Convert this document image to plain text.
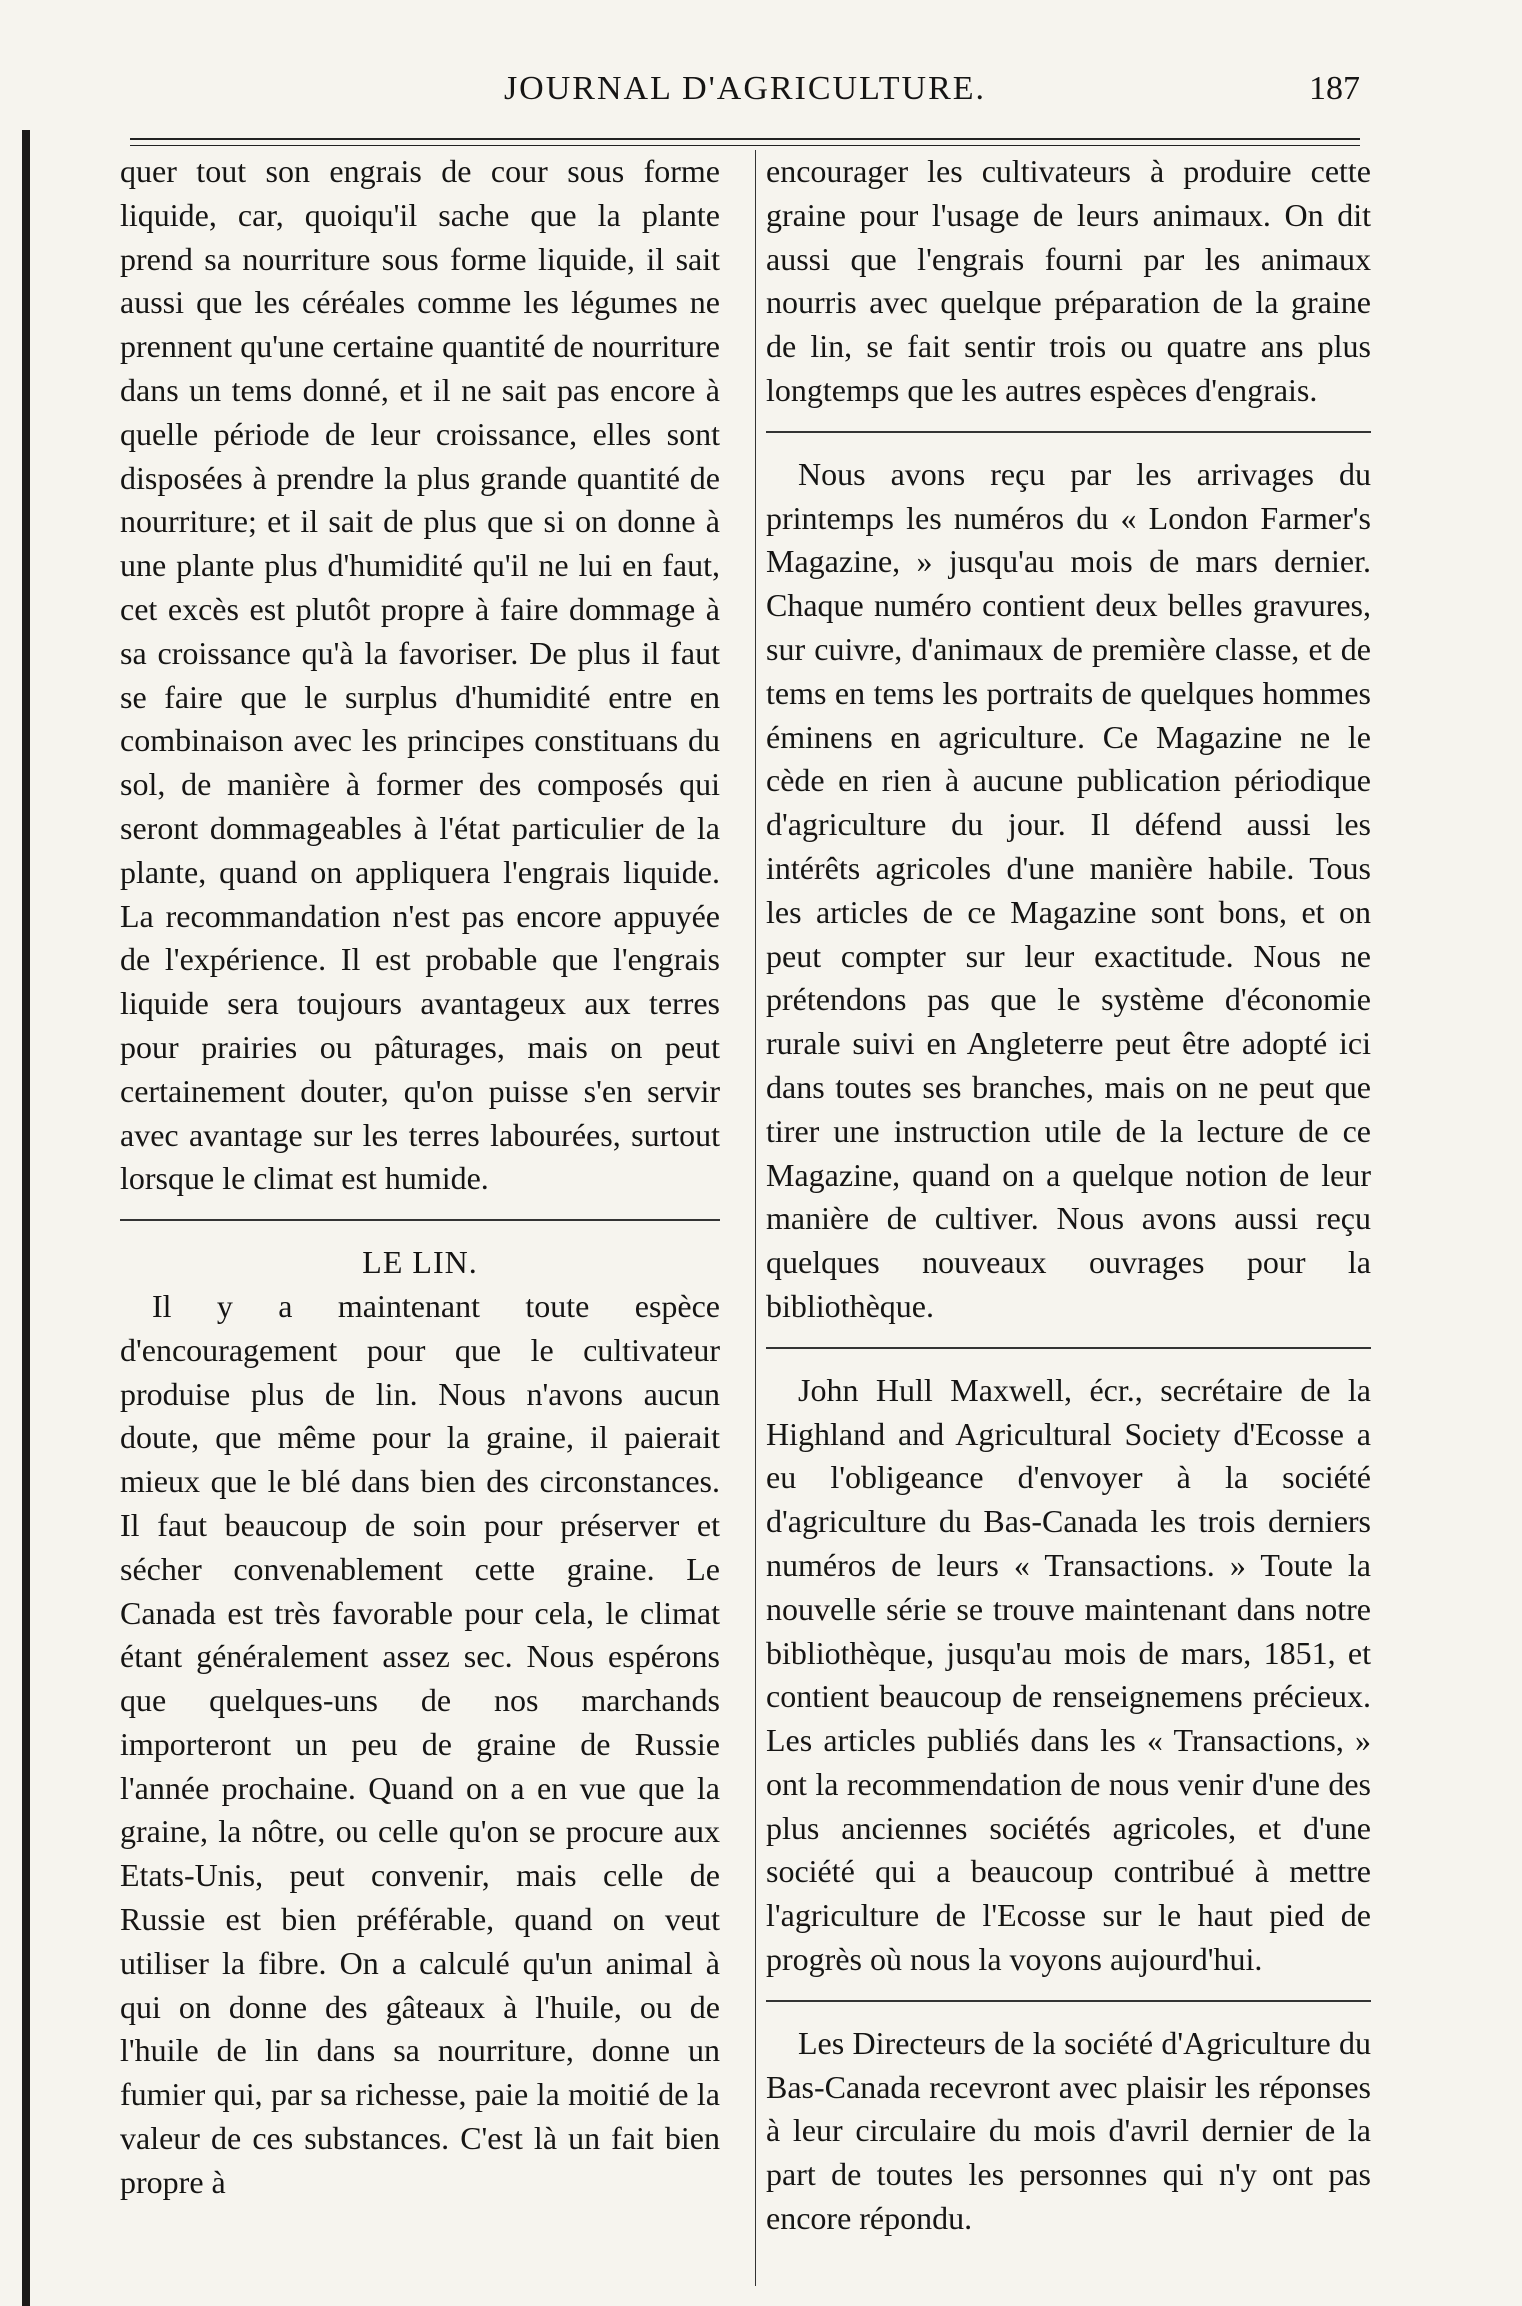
JOURNAL D'AGRICULTURE.	187

quer tout son engrais de cour sous forme liquide, car, quoiqu'il sache que la plante prend sa nourriture sous forme liquide, il sait aussi que les céréales comme les légumes ne prennent qu'une certaine quantité de nourriture dans un tems donné, et il ne sait pas encore à quelle période de leur croissance, elles sont disposées à prendre la plus grande quantité de nourriture; et il sait de plus que si on donne à une plante plus d'humidité qu'il ne lui en faut, cet excès est plutôt propre à faire dommage à sa croissance qu'à la favoriser. De plus il faut se faire que le surplus d'humidité entre en combinaison avec les principes constituans du sol, de manière à former des composés qui seront dommageables à l'état particulier de la plante, quand on appliquera l'engrais liquide. La recommandation n'est pas encore appuyée de l'expérience. Il est probable que l'engrais liquide sera toujours avantageux aux terres pour prairies ou pâturages, mais on peut certainement douter, qu'on puisse s'en servir avec avantage sur les terres labourées, surtout lorsque le climat est humide.

LE LIN.

Il y a maintenant toute espèce d'encouragement pour que le cultivateur produise plus de lin. Nous n'avons aucun doute, que même pour la graine, il paierait mieux que le blé dans bien des circonstances. Il faut beaucoup de soin pour préserver et sécher convenablement cette graine. Le Canada est très favorable pour cela, le climat étant généralement assez sec. Nous espérons que quelques-uns de nos marchands importeront un peu de graine de Russie l'année prochaine. Quand on a en vue que la graine, la nôtre, ou celle qu'on se procure aux Etats-Unis, peut convenir, mais celle de Russie est bien préférable, quand on veut utiliser la fibre. On a calculé qu'un animal à qui on donne des gâteaux à l'huile, ou de l'huile de lin dans sa nourriture, donne un fumier qui, par sa richesse, paie la moitié de la valeur de ces substances. C'est là un fait bien propre à

encourager les cultivateurs à produire cette graine pour l'usage de leurs animaux. On dit aussi que l'engrais fourni par les animaux nourris avec quelque préparation de la graine de lin, se fait sentir trois ou quatre ans plus longtemps que les autres espèces d'engrais.

Nous avons reçu par les arrivages du printemps les numéros du « London Farmer's Magazine, » jusqu'au mois de mars dernier. Chaque numéro contient deux belles gravures, sur cuivre, d'animaux de première classe, et de tems en tems les portraits de quelques hommes éminens en agriculture. Ce Magazine ne le cède en rien à aucune publication périodique d'agriculture du jour. Il défend aussi les intérêts agricoles d'une manière habile. Tous les articles de ce Magazine sont bons, et on peut compter sur leur exactitude. Nous ne prétendons pas que le système d'économie rurale suivi en Angleterre peut être adopté ici dans toutes ses branches, mais on ne peut que tirer une instruction utile de la lecture de ce Magazine, quand on a quelque notion de leur manière de cultiver. Nous avons aussi reçu quelques nouveaux ouvrages pour la bibliothèque.

John Hull Maxwell, écr., secrétaire de la Highland and Agricultural Society d'Ecosse a eu l'obligeance d'envoyer à la société d'agriculture du Bas-Canada les trois derniers numéros de leurs « Transactions. » Toute la nouvelle série se trouve maintenant dans notre bibliothèque, jusqu'au mois de mars, 1851, et contient beaucoup de renseignemens précieux. Les articles publiés dans les « Transactions, » ont la recommendation de nous venir d'une des plus anciennes sociétés agricoles, et d'une société qui a beaucoup contribué à mettre l'agriculture de l'Ecosse sur le haut pied de progrès où nous la voyons aujourd'hui.

Les Directeurs de la société d'Agriculture du Bas-Canada recevront avec plaisir les réponses à leur circulaire du mois d'avril dernier de la part de toutes les personnes qui n'y ont pas encore répondu.
